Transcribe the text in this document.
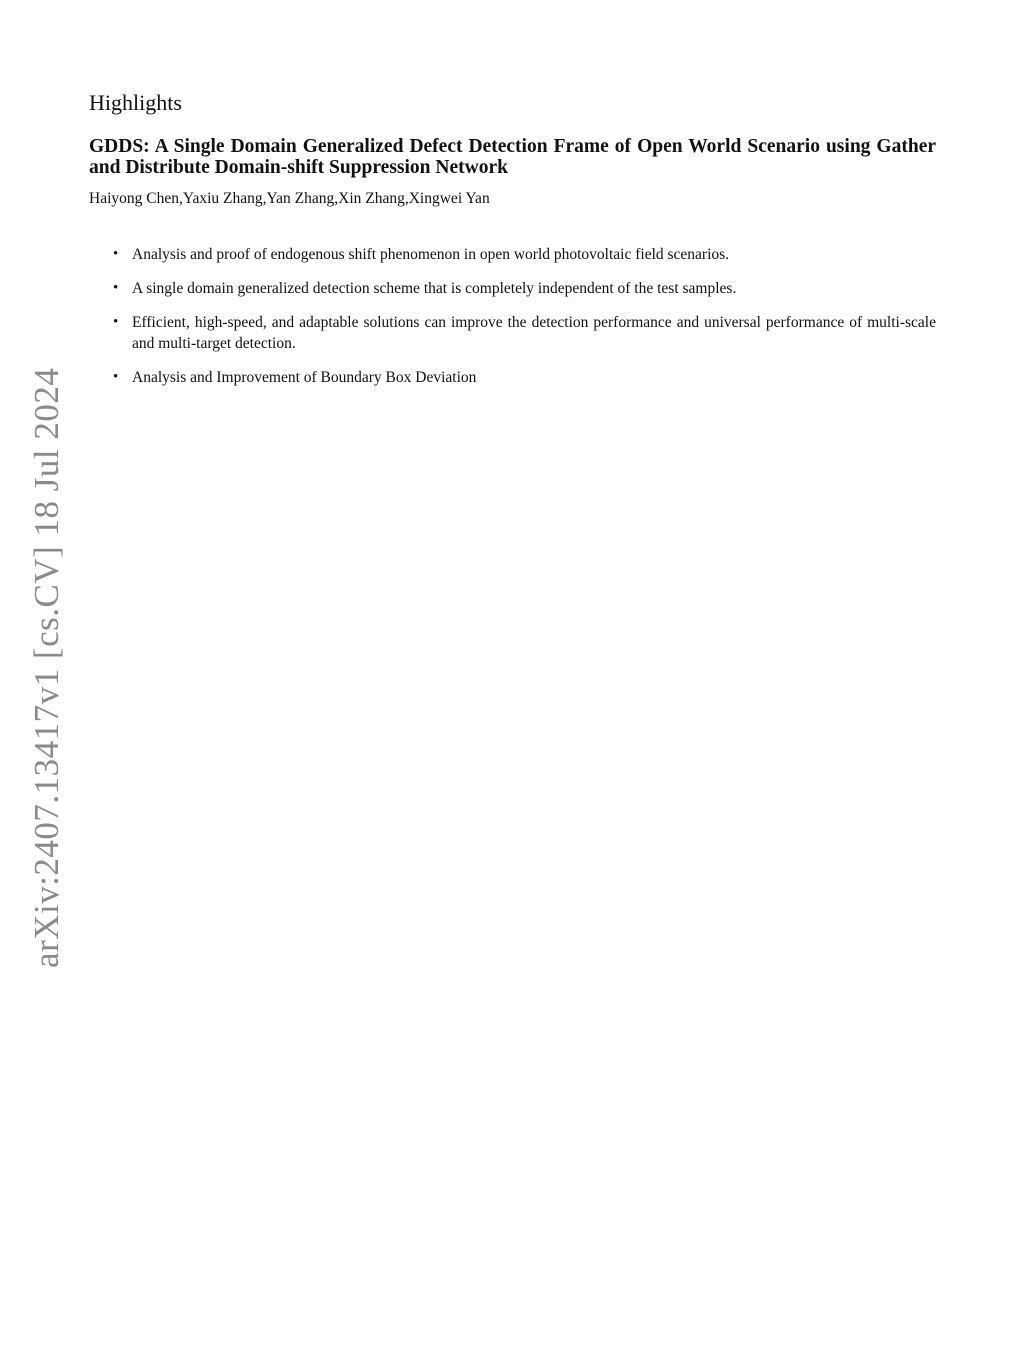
arXiv:2407.13417v1 [cs.CV] 18 Jul 2024
Highlights
GDDS: A Single Domain Generalized Defect Detection Frame of Open World Scenario using Gather and Distribute Domain-shift Suppression Network

Haiyong Chen,Yaxiu Zhang,Yan Zhang,Xin Zhang,Xingwei Yan

• Analysis and proof of endogenous shift phenomenon in open world photovoltaic field scenarios.
• A single domain generalized detection scheme that is completely independent of the test samples.
• Efficient, high-speed, and adaptable solutions can improve the detection performance and universal performance of multi-scale and multi-target detection.
• Analysis and Improvement of Boundary Box Deviation
